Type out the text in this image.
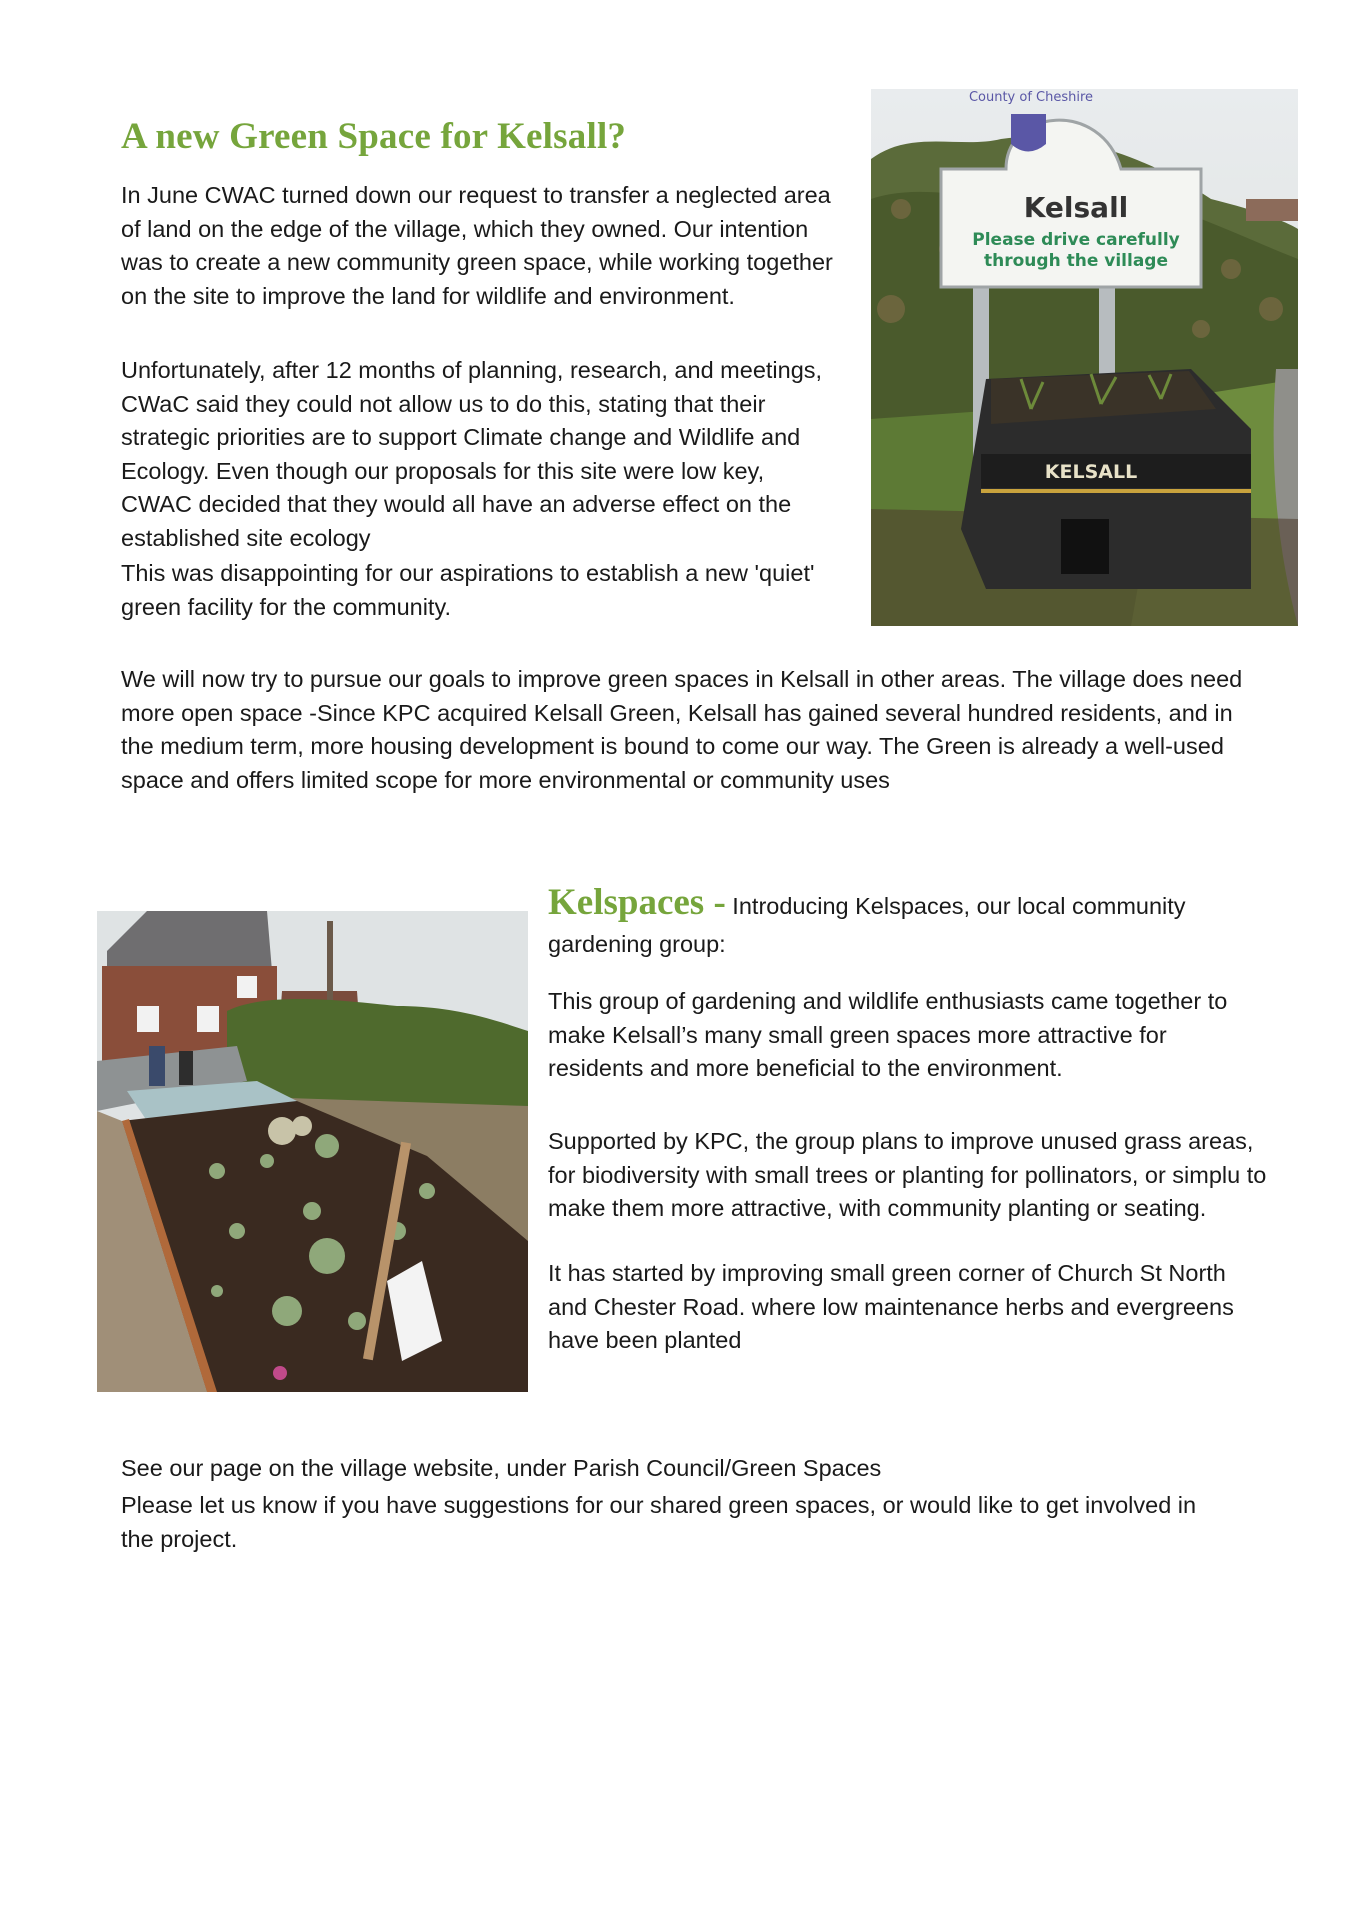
A new Green Space for Kelsall?

In June CWAC turned down our request to transfer a neglected area of land on the edge of the village, which they owned. Our intention was to create a new community green space, while working together on the site to improve the land for wildlife and environment.

Unfortunately, after 12 months of planning, research, and meetings, CWaC said they could not allow us to do this, stating that their strategic priorities are to support Climate change and Wildlife and Ecology. Even though our proposals for this site were low key, CWAC decided that they would all have an adverse effect on the established site ecology

This was disappointing for our aspirations to establish a new 'quiet' green facility for the community.

We will now try to pursue our goals to improve green spaces in Kelsall in other areas. The village does need more open space -Since KPC acquired Kelsall Green, Kelsall has gained several hundred residents, and in the medium term, more housing development is bound to come our way. The Green is already a well-used space and offers limited scope for more environmental or community uses

County of Cheshire
Kelsall
Please drive carefully
through the village
KELSALL

Kelspaces - Introducing Kelspaces, our local community gardening group:

This group of gardening and wildlife enthusiasts came together to make Kelsall’s many small green spaces more attractive for residents and more beneficial to the environment.

Supported by KPC, the group plans to improve unused grass areas, for biodiversity with small trees or planting for pollinators, or simplu to make them more attractive, with community planting or seating.

It has started by improving small green corner of Church St North and Chester Road. where low maintenance herbs and evergreens have been planted

See our page on the village website, under Parish Council/Green Spaces

Please let us know if you have suggestions for our shared green spaces, or would like to get involved in the project.
